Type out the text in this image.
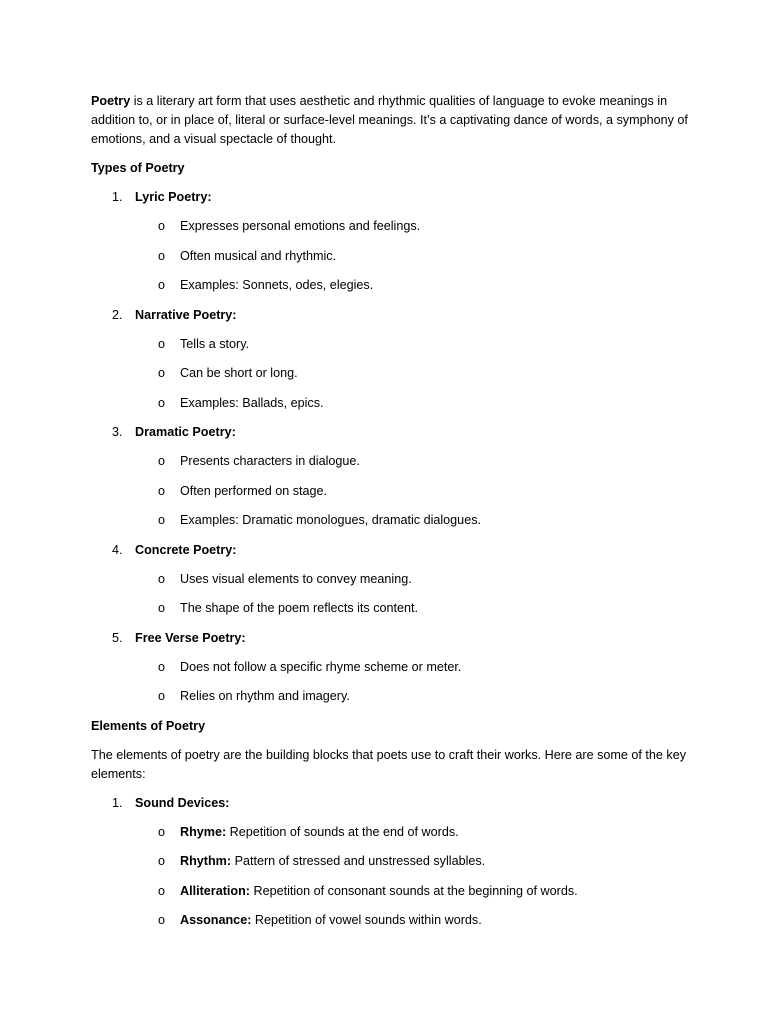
Poetry is a literary art form that uses aesthetic and rhythmic qualities of language to evoke meanings in addition to, or in place of, literal or surface-level meanings. It’s a captivating dance of words, a symphony of emotions, and a visual spectacle of thought.

Types of Poetry

1. Lyric Poetry:
o Expresses personal emotions and feelings.
o Often musical and rhythmic.
o Examples: Sonnets, odes, elegies.
2. Narrative Poetry:
o Tells a story.
o Can be short or long.
o Examples: Ballads, epics.
3. Dramatic Poetry:
o Presents characters in dialogue.
o Often performed on stage.
o Examples: Dramatic monologues, dramatic dialogues.
4. Concrete Poetry:
o Uses visual elements to convey meaning.
o The shape of the poem reflects its content.
5. Free Verse Poetry:
o Does not follow a specific rhyme scheme or meter.
o Relies on rhythm and imagery.

Elements of Poetry

The elements of poetry are the building blocks that poets use to craft their works. Here are some of the key elements:

1. Sound Devices:
o Rhyme: Repetition of sounds at the end of words.
o Rhythm: Pattern of stressed and unstressed syllables.
o Alliteration: Repetition of consonant sounds at the beginning of words.
o Assonance: Repetition of vowel sounds within words.
